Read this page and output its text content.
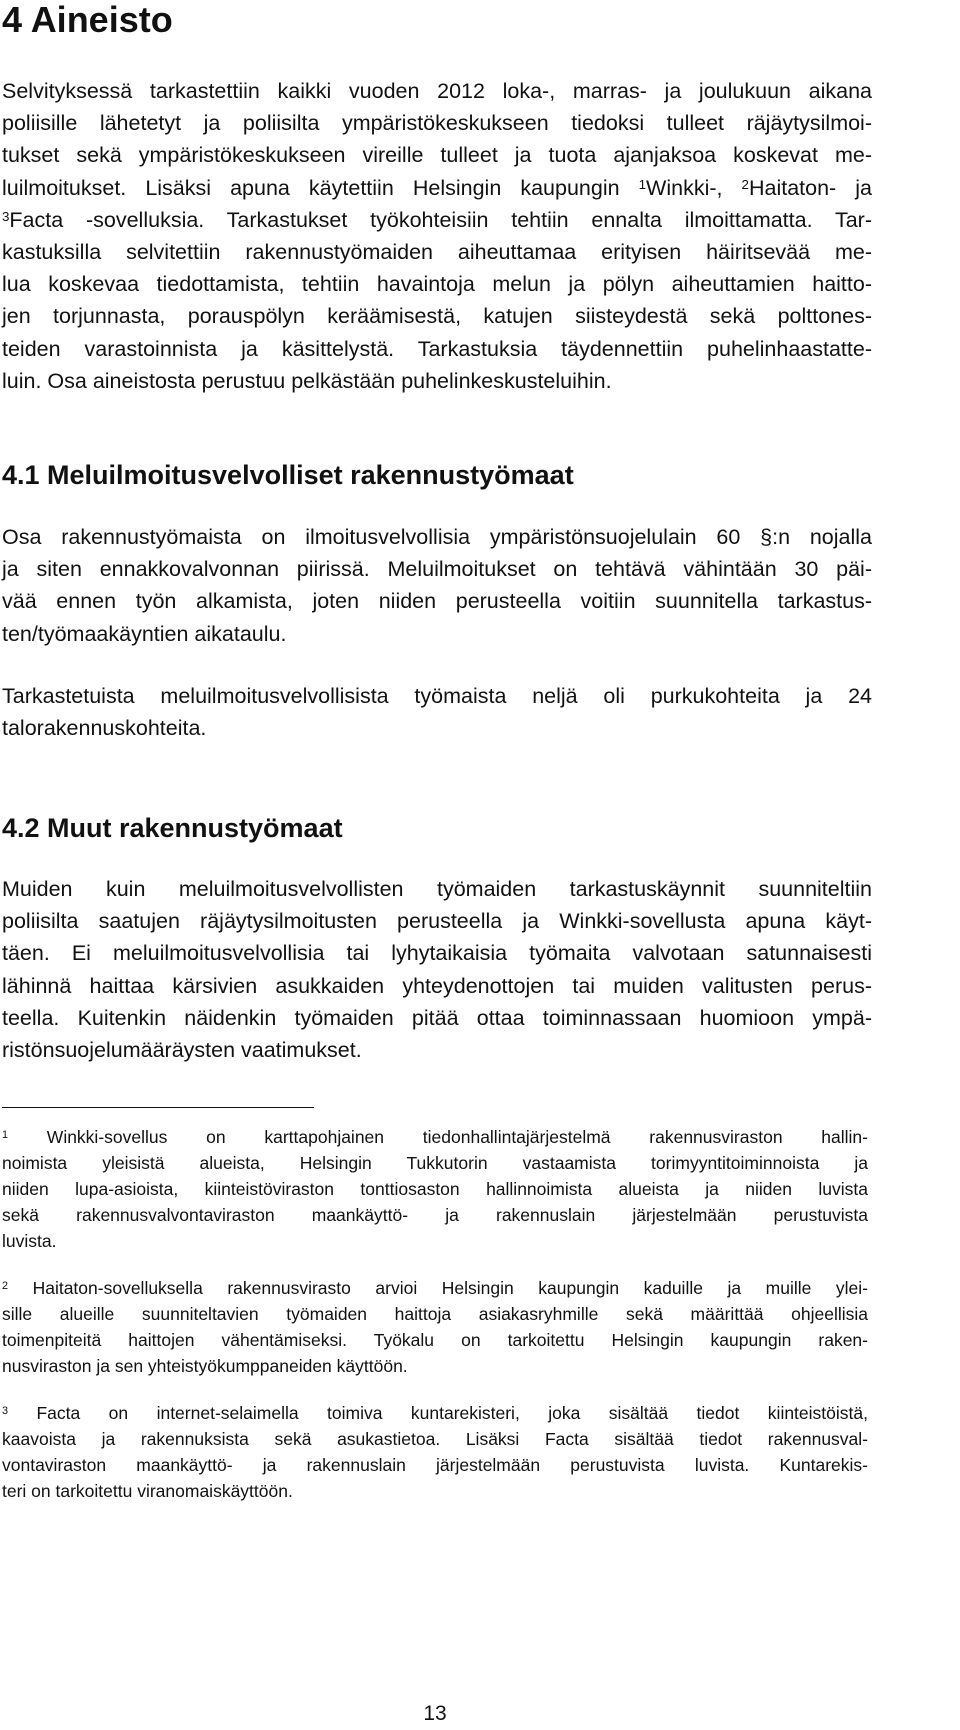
4 Aineisto
Selvityksessä tarkastettiin kaikki vuoden 2012 loka-, marras- ja joulukuun aikana
poliisille lähetetyt ja poliisilta ympäristökeskukseen tiedoksi tulleet räjäytysilmoi-
tukset sekä ympäristökeskukseen vireille tulleet ja tuota ajanjaksoa koskevat me-
luilmoitukset. Lisäksi apuna käytettiin Helsingin kaupungin $^1$Winkki-, $^2$Haitaton- ja
$^3$Facta -sovelluksia. Tarkastukset työkohteisiin tehtiin ennalta ilmoittamatta. Tar-
kastuksilla selvitettiin rakennustyömaiden aiheuttamaa erityisen häiritsevää me-
lua koskevaa tiedottamista, tehtiin havaintoja melun ja pölyn aiheuttamien haitto-
jen torjunnasta, porauspölyn keräämisestä, katujen siisteydestä sekä polttones-
teiden varastoinnista ja käsittelystä. Tarkastuksia täydennettiin puhelinhaastatte-
luin. Osa aineistosta perustuu pelkästään puhelinkeskusteluihin.
4.1 Meluilmoitusvelvolliset rakennustyömaat
Osa rakennustyömaista on ilmoitusvelvollisia ympäristönsuojelulain 60 §:n nojalla
ja siten ennakkovalvonnan piirissä. Meluilmoitukset on tehtävä vähintään 30 päi-
vää ennen työn alkamista, joten niiden perusteella voitiin suunnitella tarkastus-
ten/työmaakäyntien aikataulu.
Tarkastetuista meluilmoitusvelvollisista työmaista neljä oli purkukohteita ja 24
talorakennuskohteita.
4.2 Muut rakennustyömaat
Muiden kuin meluilmoitusvelvollisten työmaiden tarkastuskäynnit suunniteltiin
poliisilta saatujen räjäytysilmoitusten perusteella ja Winkki-sovellusta apuna käyt-
täen. Ei meluilmoitusvelvollisia tai lyhytaikaisia työmaita valvotaan satunnaisesti
lähinnä haittaa kärsivien asukkaiden yhteydenottojen tai muiden valitusten perus-
teella. Kuitenkin näidenkin työmaiden pitää ottaa toiminnassaan huomioon ympä-
ristönsuojelumääräysten vaatimukset.
$^1$ Winkki-sovellus on karttapohjainen tiedonhallintajärjestelmä rakennusviraston hallin-
noimista yleisistä alueista, Helsingin Tukkutorin vastaamista torimyyntitoiminnoista ja
niiden lupa-asioista, kiinteistöviraston tonttiosaston hallinnoimista alueista ja niiden luvista
sekä rakennusvalvontaviraston maankäyttö- ja rakennuslain järjestelmään perustuvista
luvista.
$^2$ Haitaton-sovelluksella rakennusvirasto arvioi Helsingin kaupungin kaduille ja muille ylei-
sille alueille suunniteltavien työmaiden haittoja asiakasryhmille sekä määrittää ohjeellisia
toimenpiteitä haittojen vähentämiseksi. Työkalu on tarkoitettu Helsingin kaupungin raken-
nusviraston ja sen yhteistyökumppaneiden käyttöön.
$^3$ Facta on internet-selaimella toimiva kuntarekisteri, joka sisältää tiedot kiinteistöistä,
kaavoista ja rakennuksista sekä asukastietoa. Lisäksi Facta sisältää tiedot rakennusval-
vontaviraston maankäyttö- ja rakennuslain järjestelmään perustuvista luvista. Kuntarekis-
teri on tarkoitettu viranomaiskäyttöön.
13
